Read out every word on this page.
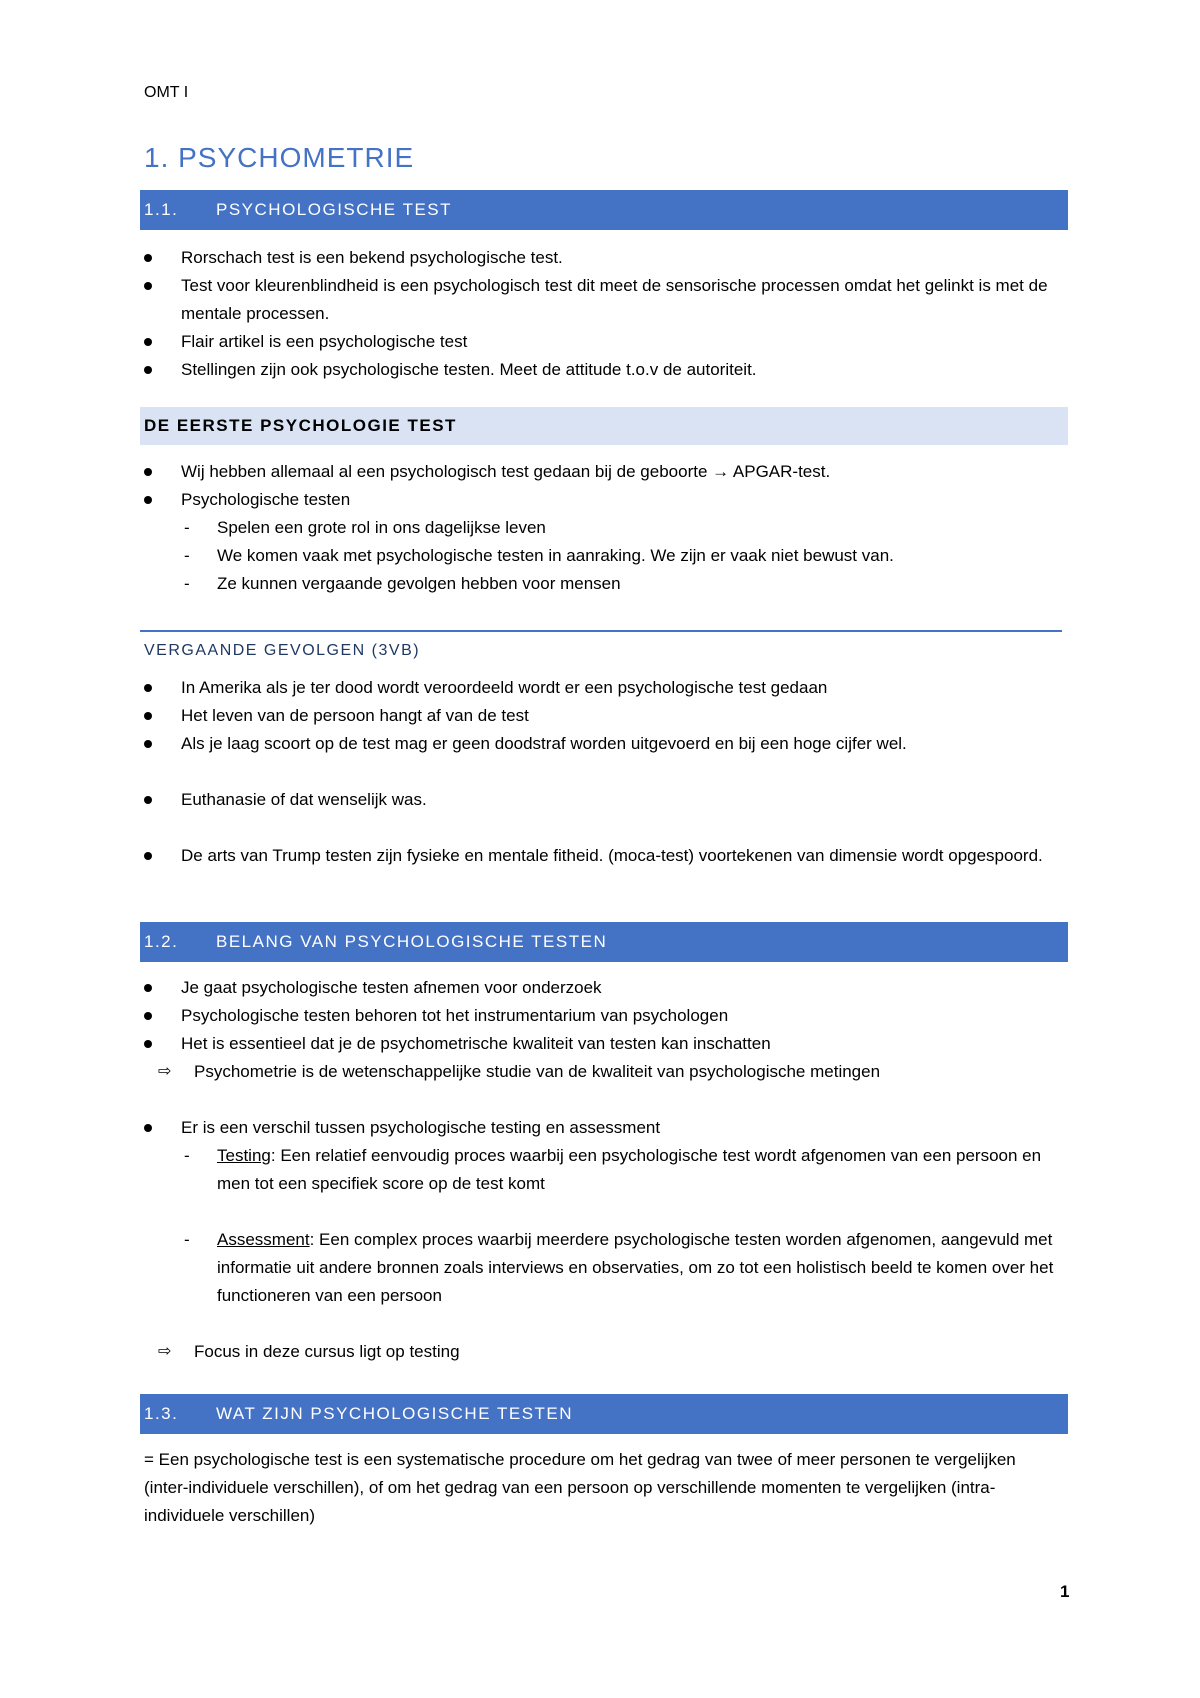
OMT I
1. PSYCHOMETRIE
1.1.	PSYCHOLOGISCHE TEST
Rorschach test is een bekend psychologische test.
Test voor kleurenblindheid is een psychologisch test dit meet de sensorische processen omdat het gelinkt is met de mentale processen.
Flair artikel is een psychologische test
Stellingen zijn ook psychologische testen. Meet de attitude t.o.v de autoriteit.
DE EERSTE PSYCHOLOGIE TEST
Wij hebben allemaal al een psychologisch test gedaan bij de geboorte → APGAR-test.
Psychologische testen
- Spelen een grote rol in ons dagelijkse leven
- We komen vaak met psychologische testen in aanraking. We zijn er vaak niet bewust van.
- Ze kunnen vergaande gevolgen hebben voor mensen
VERGAANDE GEVOLGEN (3VB)
In Amerika als je ter dood wordt veroordeeld wordt er een psychologische test gedaan
Het leven van de persoon hangt af van de test
Als je laag scoort op de test mag er geen doodstraf worden uitgevoerd en bij een hoge cijfer wel.
Euthanasie of dat wenselijk was.
De arts van Trump testen zijn fysieke en mentale fitheid. (moca-test) voortekenen van dimensie wordt opgespoord.
1.2.	BELANG VAN PSYCHOLOGISCHE TESTEN
Je gaat psychologische testen afnemen voor onderzoek
Psychologische testen behoren tot het instrumentarium van psychologen
Het is essentieel dat je de psychometrische kwaliteit van testen kan inschatten
⇨ Psychometrie is de wetenschappelijke studie van de kwaliteit van psychologische metingen
Er is een verschil tussen psychologische testing en assessment
- Testing: Een relatief eenvoudig proces waarbij een psychologische test wordt afgenomen van een persoon en men tot een specifiek score op de test komt
- Assessment: Een complex proces waarbij meerdere psychologische testen worden afgenomen, aangevuld met informatie uit andere bronnen zoals interviews en observaties, om zo tot een holistisch beeld te komen over het functioneren van een persoon
⇨ Focus in deze cursus ligt op testing
1.3.	WAT ZIJN PSYCHOLOGISCHE TESTEN
= Een psychologische test is een systematische procedure om het gedrag van twee of meer personen te vergelijken (inter-individuele verschillen), of om het gedrag van een persoon op verschillende momenten te vergelijken (intra-individuele verschillen)
1
